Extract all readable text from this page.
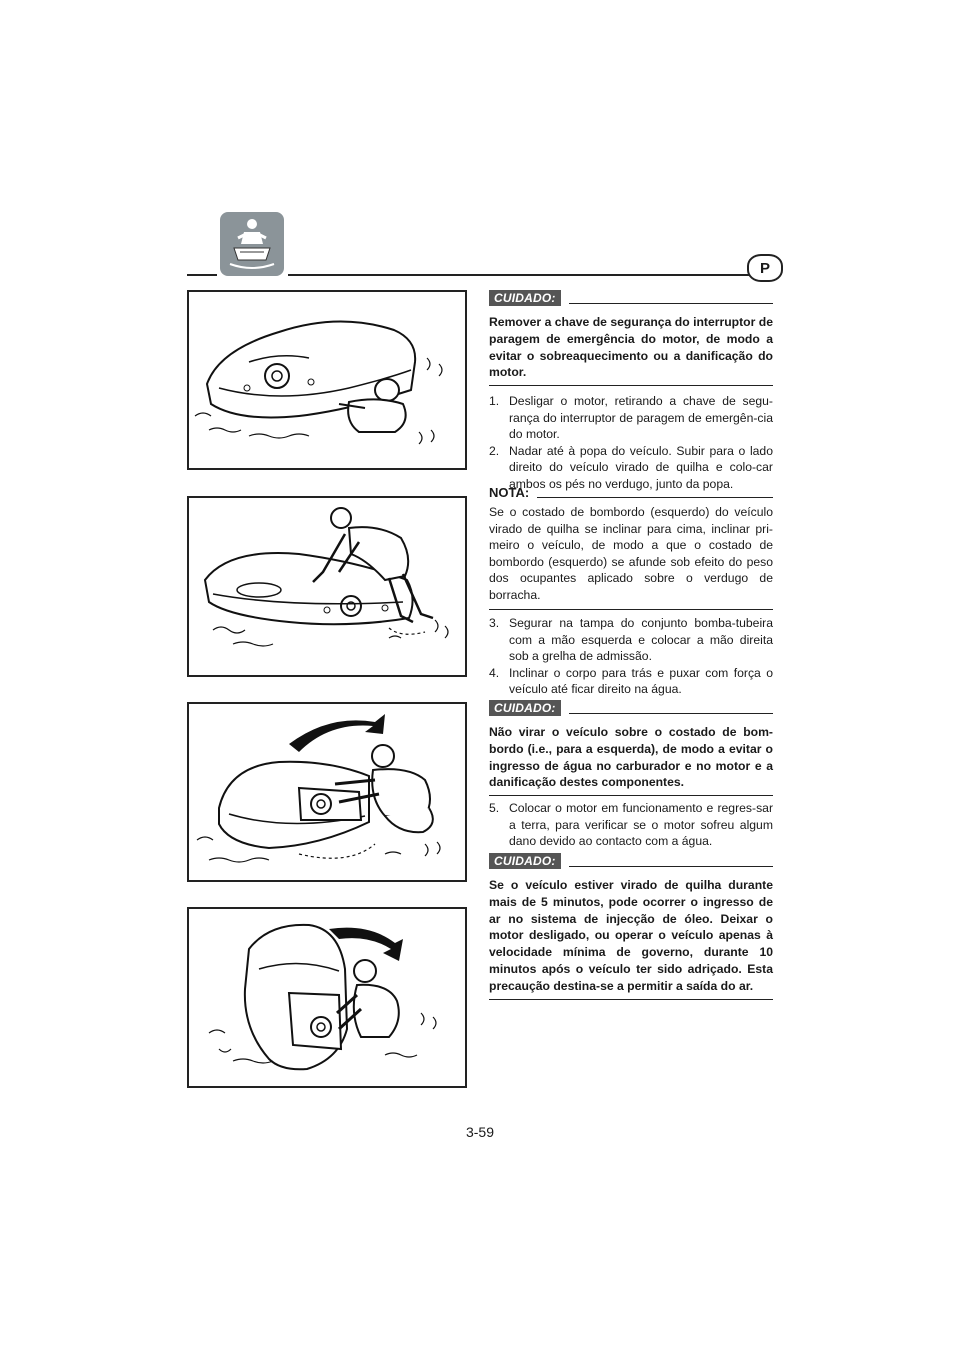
P
CUIDADO:
Remover a chave de segurança do interruptor de paragem de emergência do motor, de modo a evitar o sobreaquecimento ou a danificação do motor.
1. Desligar o motor, retirando a chave de segu-rança do interruptor de paragem de emergên-cia do motor.
2. Nadar até à popa do veículo. Subir para o lado direito do veículo virado de quilha e colo-car ambos os pés no verdugo, junto da popa.
NOTA:
Se o costado de bombordo (esquerdo) do veículo virado de quilha se inclinar para cima, inclinar pri-meiro o veículo, de modo a que o costado de bombordo (esquerdo) se afunde sob efeito do peso dos ocupantes aplicado sobre o verdugo de borracha.
3. Segurar na tampa do conjunto bomba-tubeira com a mão esquerda e colocar a mão direita sob a grelha de admissão.
4. Inclinar o corpo para trás e puxar com força o veículo até ficar direito na água.
CUIDADO:
Não virar o veículo sobre o costado de bom-bordo (i.e., para a esquerda), de modo a evitar o ingresso de água no carburador e no motor e a danificação destes componentes.
5. Colocar o motor em funcionamento e regres-sar a terra, para verificar se o motor sofreu algum dano devido ao contacto com a água.
CUIDADO:
Se o veículo estiver virado de quilha durante mais de 5 minutos, pode ocorrer o ingresso de ar no sistema de injecção de óleo. Deixar o motor desligado, ou operar o veículo apenas à velocidade mínima de governo, durante 10 minutos após o veículo ter sido adriçado. Esta precaução destina-se a permitir a saída do ar.
3-59
